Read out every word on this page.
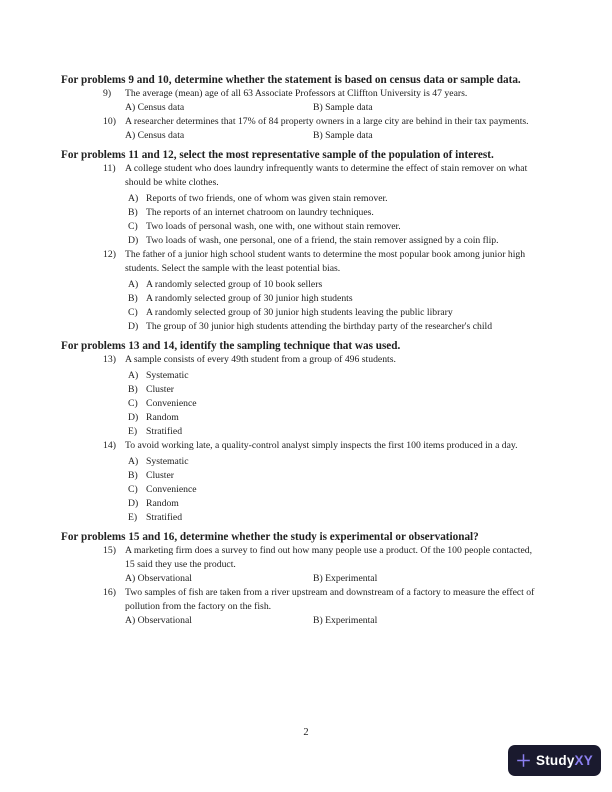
For problems 9 and 10, determine whether the statement is based on census data or sample data.
9) The average (mean) age of all 63 Associate Professors at Cliffton University is 47 years.
A) Census data	B) Sample data
10) A researcher determines that 17% of 84 property owners in a large city are behind in their tax payments.
A) Census data	B) Sample data
For problems 11 and 12, select the most representative sample of the population of interest.
11) A college student who does laundry infrequently wants to determine the effect of stain remover on what should be white clothes.
A) Reports of two friends, one of whom was given stain remover.
B) The reports of an internet chatroom on laundry techniques.
C) Two loads of personal wash, one with, one without stain remover.
D) Two loads of wash, one personal, one of a friend, the stain remover assigned by a coin flip.
12) The father of a junior high school student wants to determine the most popular book among junior high students. Select the sample with the least potential bias.
A) A randomly selected group of 10 book sellers
B) A randomly selected group of 30 junior high students
C) A randomly selected group of 30 junior high students leaving the public library
D) The group of 30 junior high students attending the birthday party of the researcher's child
For problems 13 and 14, identify the sampling technique that was used.
13) A sample consists of every 49th student from a group of 496 students.
A) Systematic
B) Cluster
C) Convenience
D) Random
E) Stratified
14) To avoid working late, a quality-control analyst simply inspects the first 100 items produced in a day.
A) Systematic
B) Cluster
C) Convenience
D) Random
E) Stratified
For problems 15 and 16, determine whether the study is experimental or observational?
15) A marketing firm does a survey to find out how many people use a product. Of the 100 people contacted, 15 said they use the product.
A) Observational	B) Experimental
16) Two samples of fish are taken from a river upstream and downstream of a factory to measure the effect of pollution from the factory on the fish.
A) Observational	B) Experimental
2
StudyXY
